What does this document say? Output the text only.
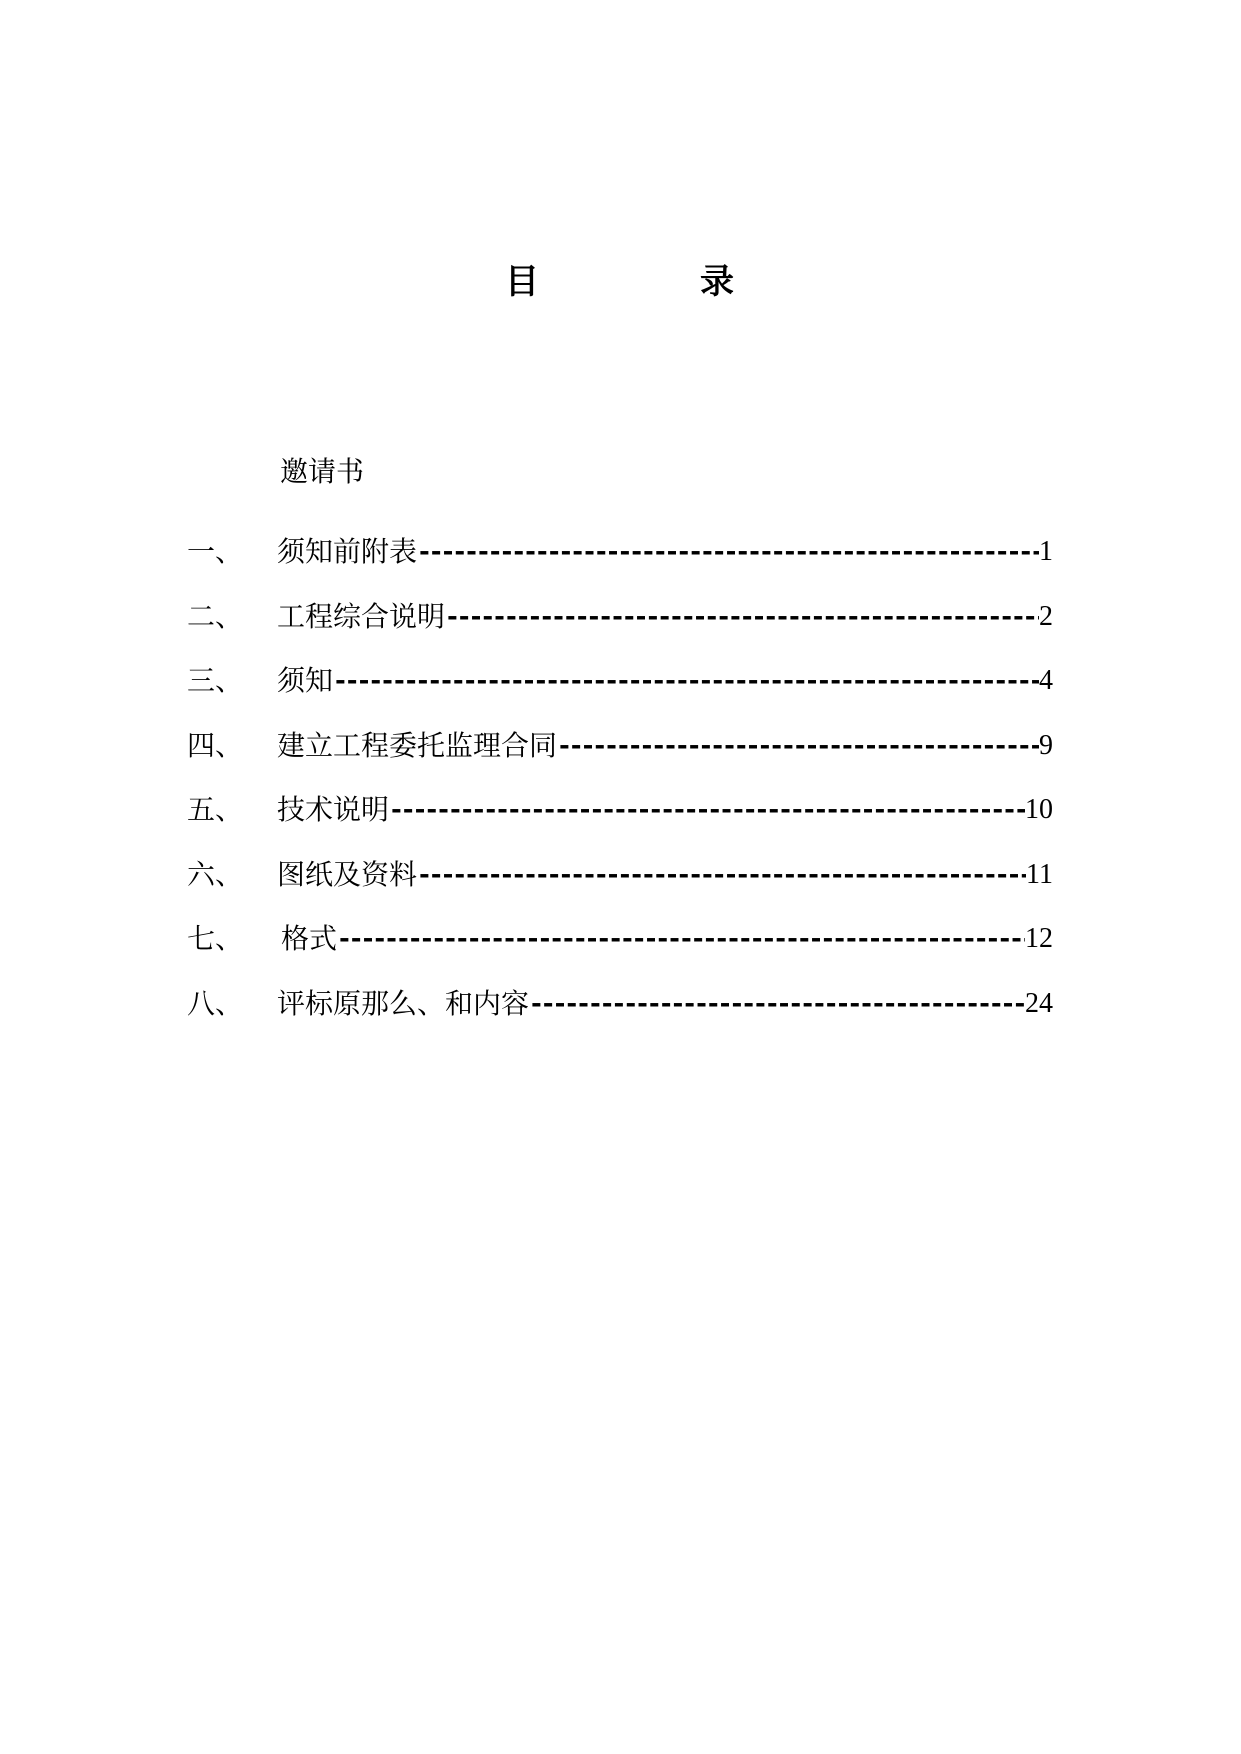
目	录
邀请书
一、	须知前附表 -----	1
二、	工程综合说明 -----	2
三、	须知 -----	4
四、	建立工程委托监理合同 -----	9
五、	技术说明 -----	10
六、	图纸及资料 -----	11
七、	格式 -----	12
八、	评标原那么、和内容 -----	24
